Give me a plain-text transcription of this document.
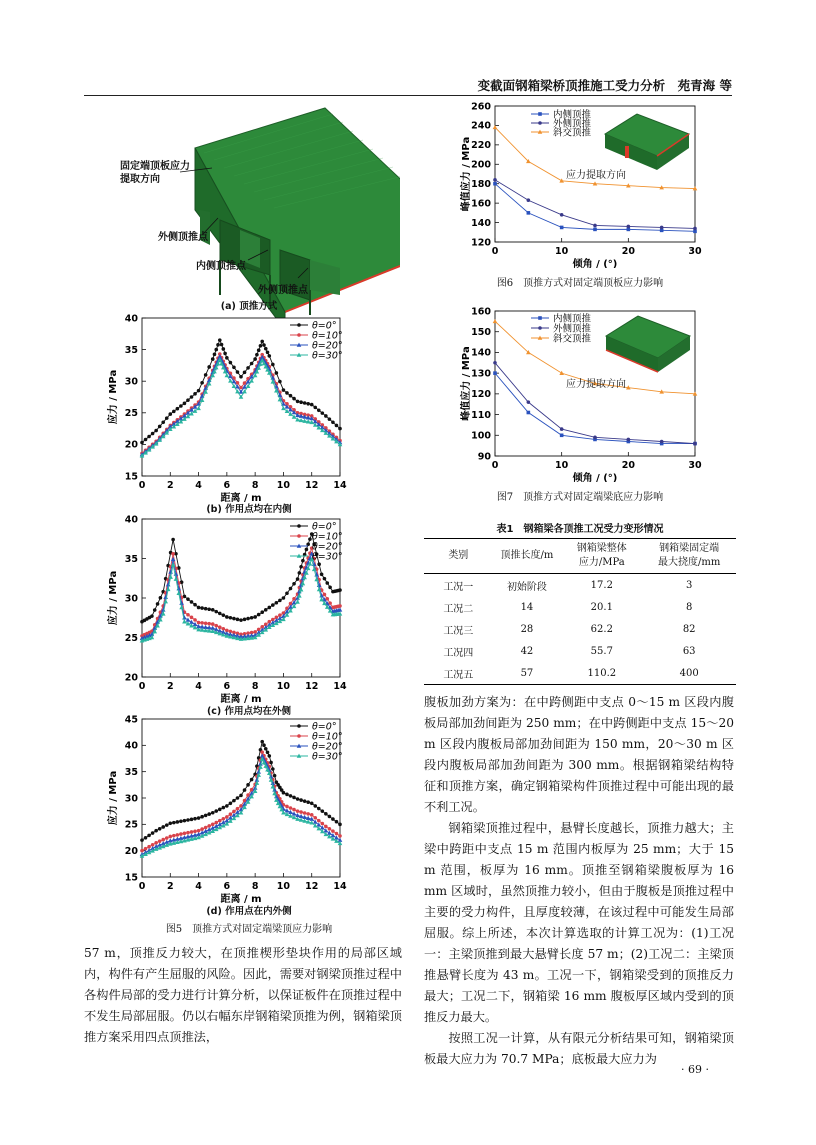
变截面钢箱梁桥顶推施工受力分析　苑青海 等
固定端顶板应力
提取方向
外侧顶推点
内侧顶推点
外侧顶推点
(a) 顶推方式
0 2 4 6 8 10 12 14
15
20
25
30
35
40
距离 / m
应力 / MPa
θ=0°
θ=10°
θ=20°
θ=30°
(b) 作用点均在内侧
0 2 4 6 8 10 12 14
20
25
30
35
40
距离 / m
应力 / MPa
θ=0°
θ=10°
θ=20°
θ=30°
(c) 作用点均在外侧
0 2 4 6 8 10 12 14
15
20
25
30
35
40
45
距离 / m
应力 / MPa
θ=0°
θ=10°
θ=20°
θ=30°
(d) 作用点在内外侧
图5　顶推方式对固定端梁顶应力影响
57 m，顶推反力较大，在顶推楔形垫块作用的局部区域内，构件有产生屈服的风险。因此，需要对钢梁顶推过程中各构件局部的受力进行计算分析，以保证板件在顶推过程中不发生局部屈服。仍以右幅东岸钢箱梁顶推为例，钢箱梁顶推方案采用四点顶推法，
0	10	20	30
120
140
160
180
200
220
240
260
倾角 / (°)
峰值应力 / MPa
内侧顶推
外侧顶推
斜交顶推
应力提取方向
图6　顶推方式对固定端顶板应力影响
0	10	20	30
90
100
110
120
130
140
150
160
倾角 / (°)
峰值应力 / MPa
内侧顶推
外侧顶推
斜交顶推
应力提取方向
图7　顶推方式对固定端梁底应力影响
表1　钢箱梁各顶推工况受力变形情况
类别	顶推长度/m	钢箱梁整体
应力/MPa	钢箱梁固定端
最大挠度/mm
工况一	初始阶段	17.2	3
工况二	14	20.1	8
工况三	28	62.2	82
工况四	42	55.7	63
工况五	57	110.2	400
腹板加劲方案为：在中跨侧距中支点 0～15 m 区段内腹板局部加劲间距为 250 mm；在中跨侧距中支点 15～20 m 区段内腹板局部加劲间距为 150 mm，20～30 m 区段内腹板局部加劲间距为 300 mm。根据钢箱梁结构特征和顶推方案，确定钢箱梁构件顶推过程中可能出现的最不利工况。
钢箱梁顶推过程中，悬臂长度越长，顶推力越大；主梁中跨距中支点 15 m 范围内板厚为 25 mm；大于 15 m 范围，板厚为 16 mm。顶推至钢箱梁腹板厚为 16 mm 区域时，虽然顶推力较小，但由于腹板是顶推过程中主要的受力构件，且厚度较薄，在该过程中可能发生局部屈服。综上所述，本次计算选取的计算工况为：(1)工况一：主梁顶推到最大悬臂长度 57 m；(2)工况二：主梁顶推悬臂长度为 43 m。工况一下，钢箱梁受到的顶推反力最大；工况二下，钢箱梁 16 mm 腹板厚区域内受到的顶推反力最大。
按照工况一计算，从有限元分析结果可知，钢箱梁顶板最大应力为 70.7 MPa；底板最大应力为
· 69 ·
